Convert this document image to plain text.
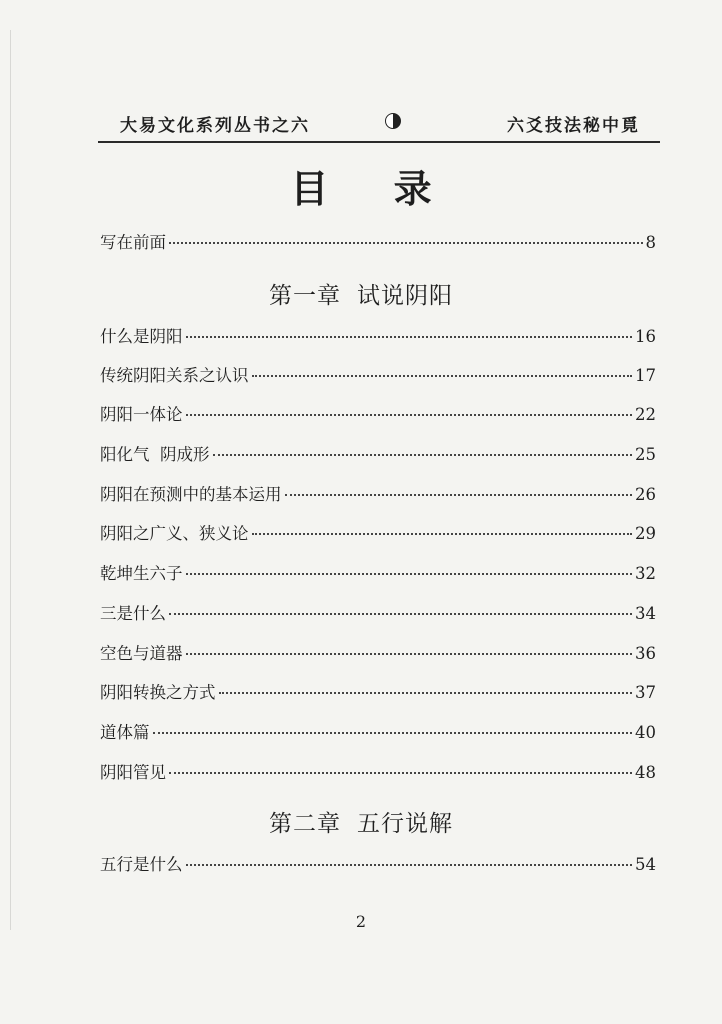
大易文化系列丛书之六	六爻技法秘中覓
目 录
写在前面	8
第一章 试说阴阳
什么是阴阳	16
传统阴阳关系之认识	17
阴阳一体论	22
阳化气  阴成形	25
阴阳在预测中的基本运用	26
阴阳之广义、狭义论	29
乾坤生六子	32
三是什么	34
空色与道器	36
阴阳转换之方式	37
道体篇	40
阴阳管见	48
第二章 五行说解
五行是什么	54
2
